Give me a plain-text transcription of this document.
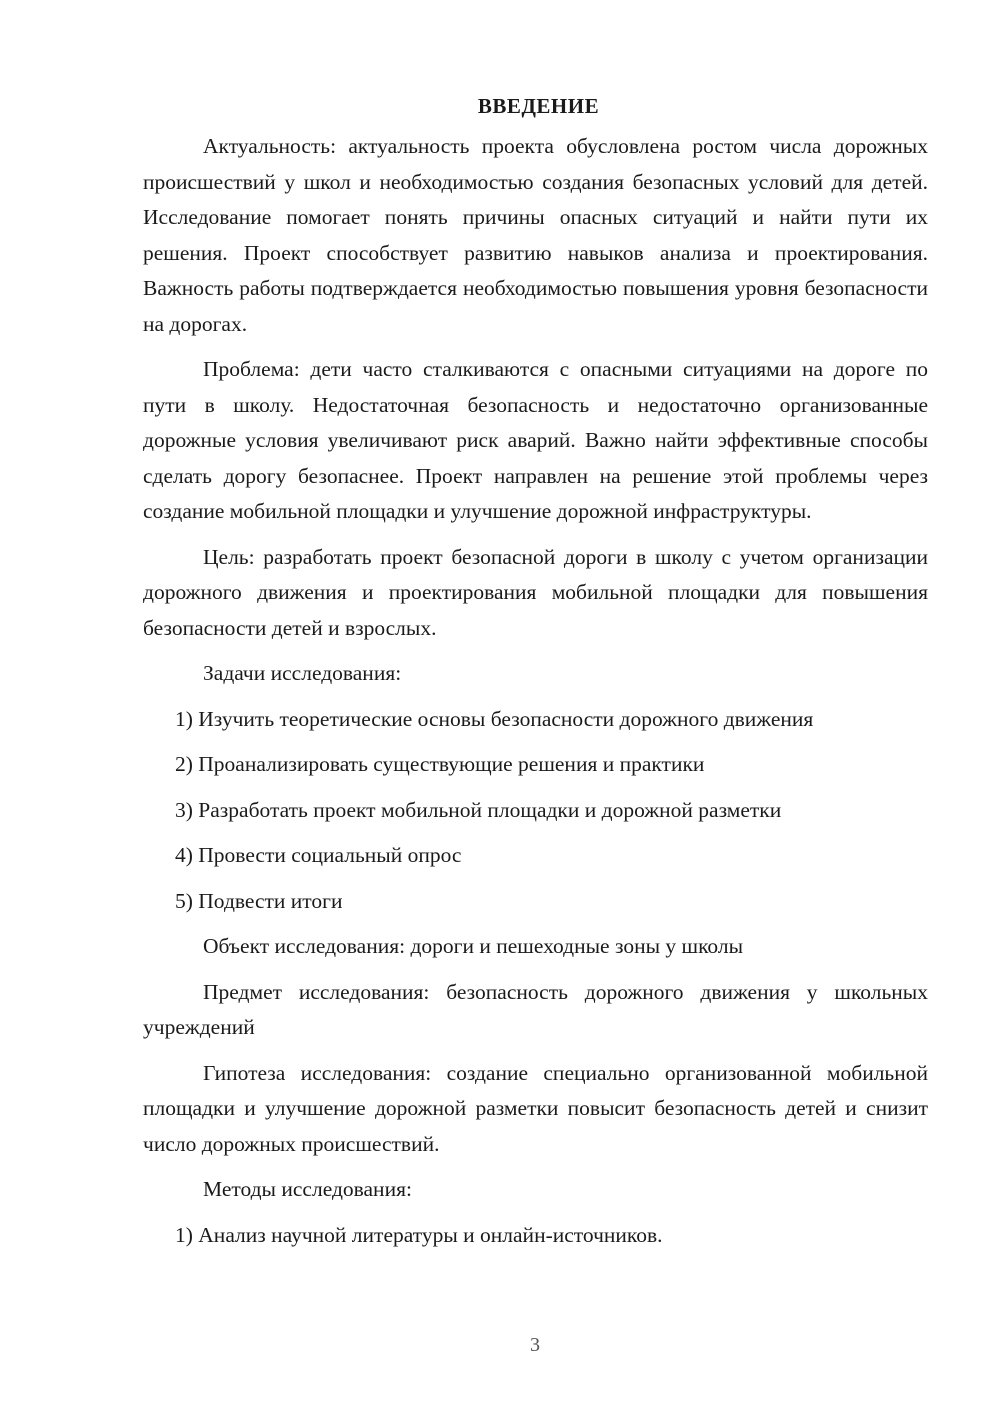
ВВЕДЕНИЕ

Актуальность: актуальность проекта обусловлена ростом числа дорожных происшествий у школ и необходимостью создания безопасных условий для детей. Исследование помогает понять причины опасных ситуаций и найти пути их решения. Проект способствует развитию навыков анализа и проектирования. Важность работы подтверждается необходимостью повышения уровня безопасности на дорогах.

Проблема: дети часто сталкиваются с опасными ситуациями на дороге по пути в школу. Недостаточная безопасность и недостаточно организованные дорожные условия увеличивают риск аварий. Важно найти эффективные способы сделать дорогу безопаснее. Проект направлен на решение этой проблемы через создание мобильной площадки и улучшение дорожной инфраструктуры.

Цель: разработать проект безопасной дороги в школу с учетом организации дорожного движения и проектирования мобильной площадки для повышения безопасности детей и взрослых.

Задачи исследования:

1) Изучить теоретические основы безопасности дорожного движения
2) Проанализировать существующие решения и практики
3) Разработать проект мобильной площадки и дорожной разметки
4) Провести социальный опрос
5) Подвести итоги

Объект исследования: дороги и пешеходные зоны у школы

Предмет исследования: безопасность дорожного движения у школьных учреждений

Гипотеза исследования: создание специально организованной мобильной площадки и улучшение дорожной разметки повысит безопасность детей и снизит число дорожных происшествий.

Методы исследования:

1) Анализ научной литературы и онлайн-источников.
3
